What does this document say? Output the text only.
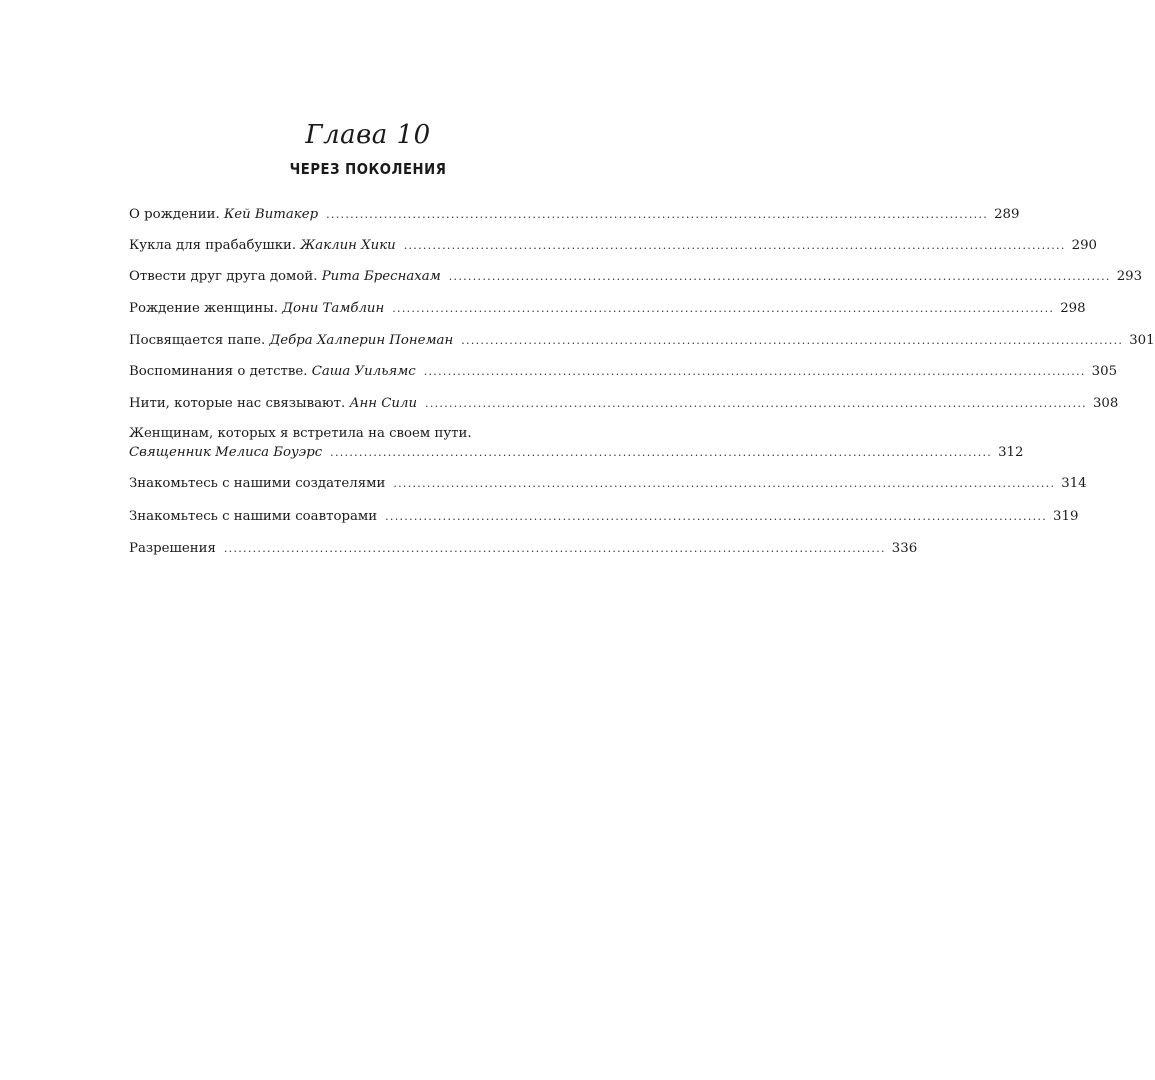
Глава 10
ЧЕРЕЗ ПОКОЛЕНИЯ
О рождении.
Кей Витакер .......................................................................................................................................... 289
Кукла для прабабушки.
Жаклин Хики .......................................................................................................................................... 290
Отвести друг друга домой.
Рита Бреснахам .......................................................................................................................................... 293
Рождение женщины.
Дони Тамблин .......................................................................................................................................... 298
Посвящается папе.
Дебра Халперин Понеман .......................................................................................................................................... 301
Воспоминания о детстве.
Саша Уильямс .......................................................................................................................................... 305
Нити, которые нас связывают.
Анн Сили .......................................................................................................................................... 308
Женщинам, которых я встретила на своем пути.
Священник Мелиса Боуэрс .......................................................................................................................................... 312
Знакомьтесь с нашими создателями .......................................................................................................................................... 314
Знакомьтесь с нашими соавторами .......................................................................................................................................... 319
Разрешения .......................................................................................................................................... 336
